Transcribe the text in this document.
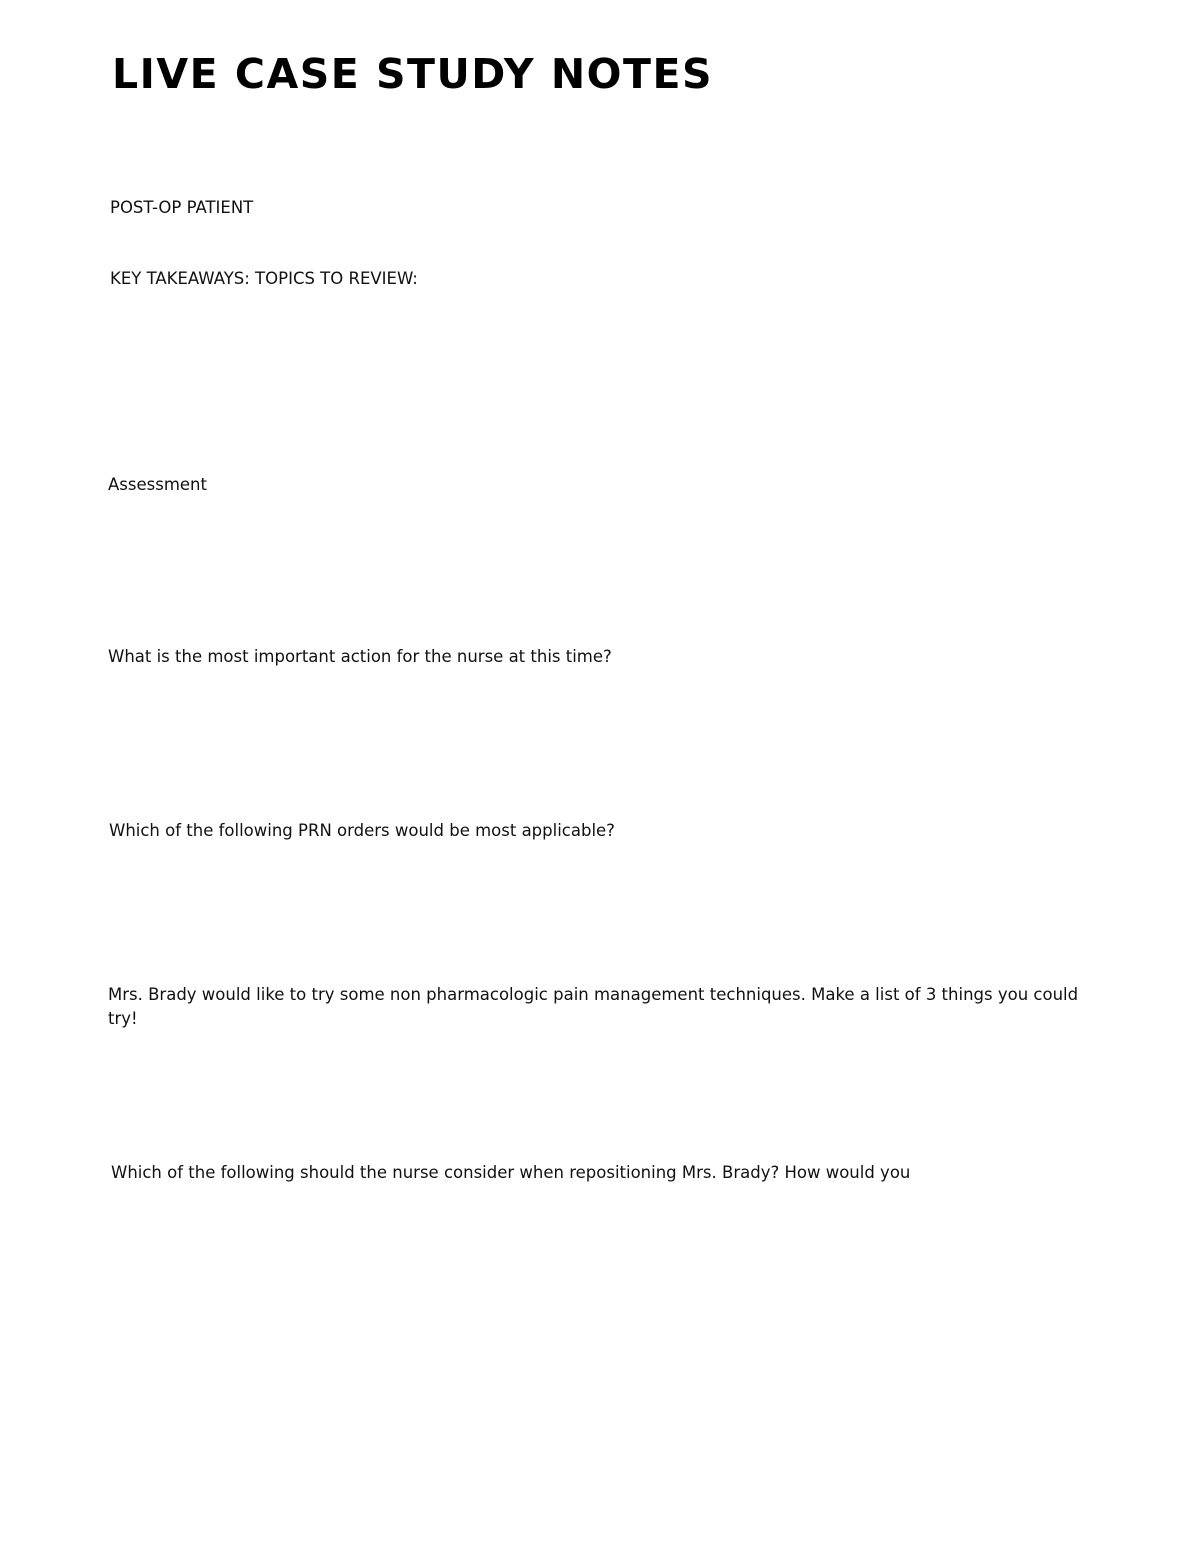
LIVE CASE STUDY NOTES

POST-OP PATIENT

KEY TAKEAWAYS: TOPICS TO REVIEW:

Assessment

What is the most important action for the nurse at this time?

Which of the following PRN orders would be most applicable?

Mrs. Brady would like to try some non pharmacologic pain management techniques. Make a list of 3 things you could try!

Which of the following should the nurse consider when repositioning Mrs. Brady? How would you
